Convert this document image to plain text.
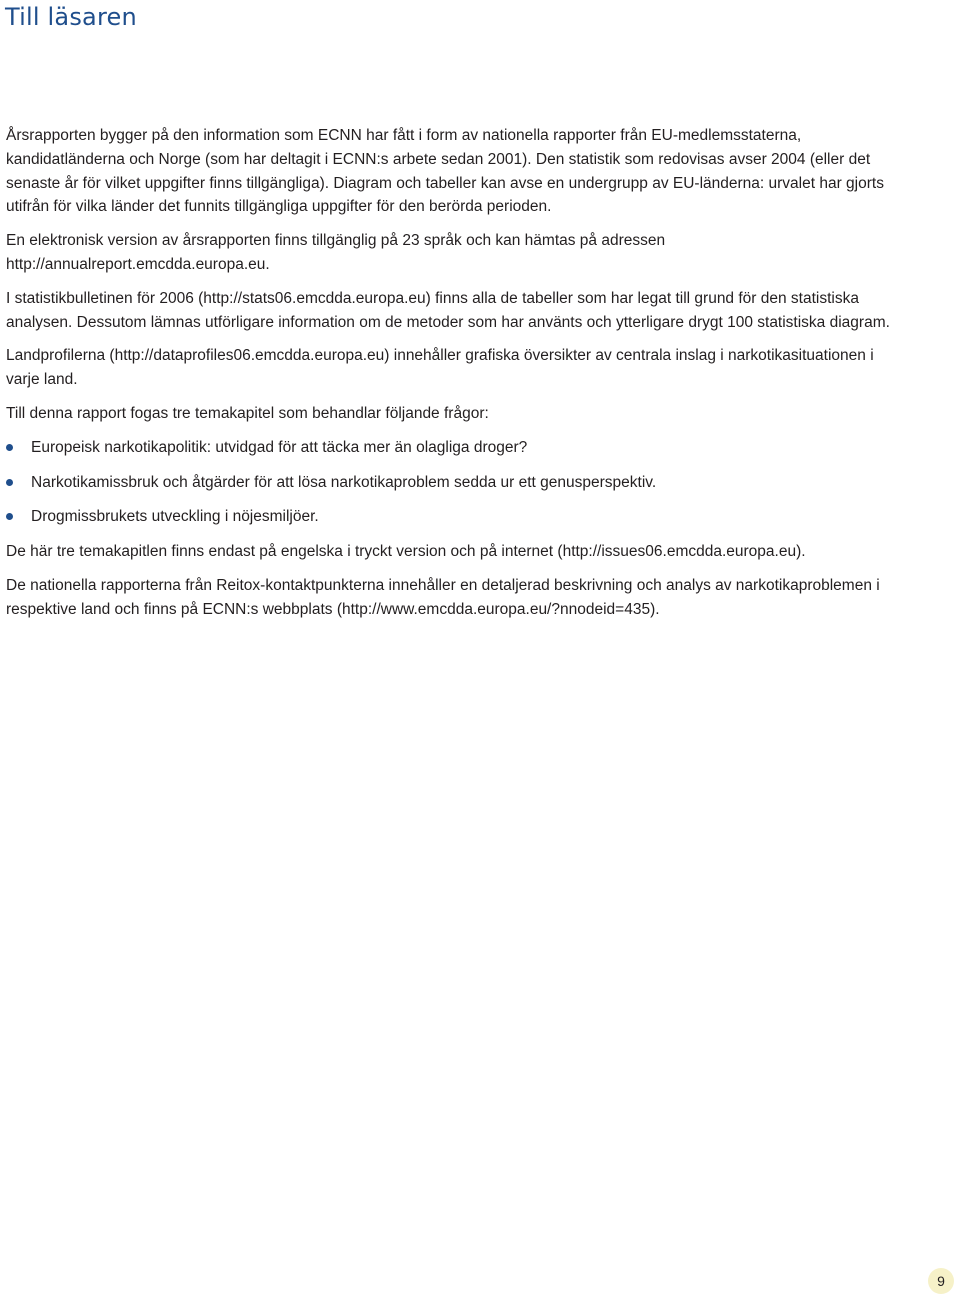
Till läsaren

Årsrapporten bygger på den information som ECNN har fått i form av nationella rapporter från EU-medlemsstaterna, kandidatländerna och Norge (som har deltagit i ECNN:s arbete sedan 2001). Den statistik som redovisas avser 2004 (eller det senaste år för vilket uppgifter finns tillgängliga). Diagram och tabeller kan avse en undergrupp av EU-länderna: urvalet har gjorts utifrån för vilka länder det funnits tillgängliga uppgifter för den berörda perioden.

En elektronisk version av årsrapporten finns tillgänglig på 23 språk och kan hämtas på adressen http://annualreport.emcdda.europa.eu.

I statistikbulletinen för 2006 (http://stats06.emcdda.europa.eu) finns alla de tabeller som har legat till grund för den statistiska analysen. Dessutom lämnas utförligare information om de metoder som har använts och ytterligare drygt 100 statistiska diagram.

Landprofilerna (http://dataprofiles06.emcdda.europa.eu) innehåller grafiska översikter av centrala inslag i narkotikasituationen i varje land.

Till denna rapport fogas tre temakapitel som behandlar följande frågor:

Europeisk narkotikapolitik: utvidgad för att täcka mer än olagliga droger?
Narkotikamissbruk och åtgärder för att lösa narkotikaproblem sedda ur ett genusperspektiv.
Drogmissbrukets utveckling i nöjesmiljöer.

De här tre temakapitlen finns endast på engelska i tryckt version och på internet (http://issues06.emcdda.europa.eu).

De nationella rapporterna från Reitox-kontaktpunkterna innehåller en detaljerad beskrivning och analys av narkotikaproblemen i respektive land och finns på ECNN:s webbplats (http://www.emcdda.europa.eu/?nnodeid=435).

9
